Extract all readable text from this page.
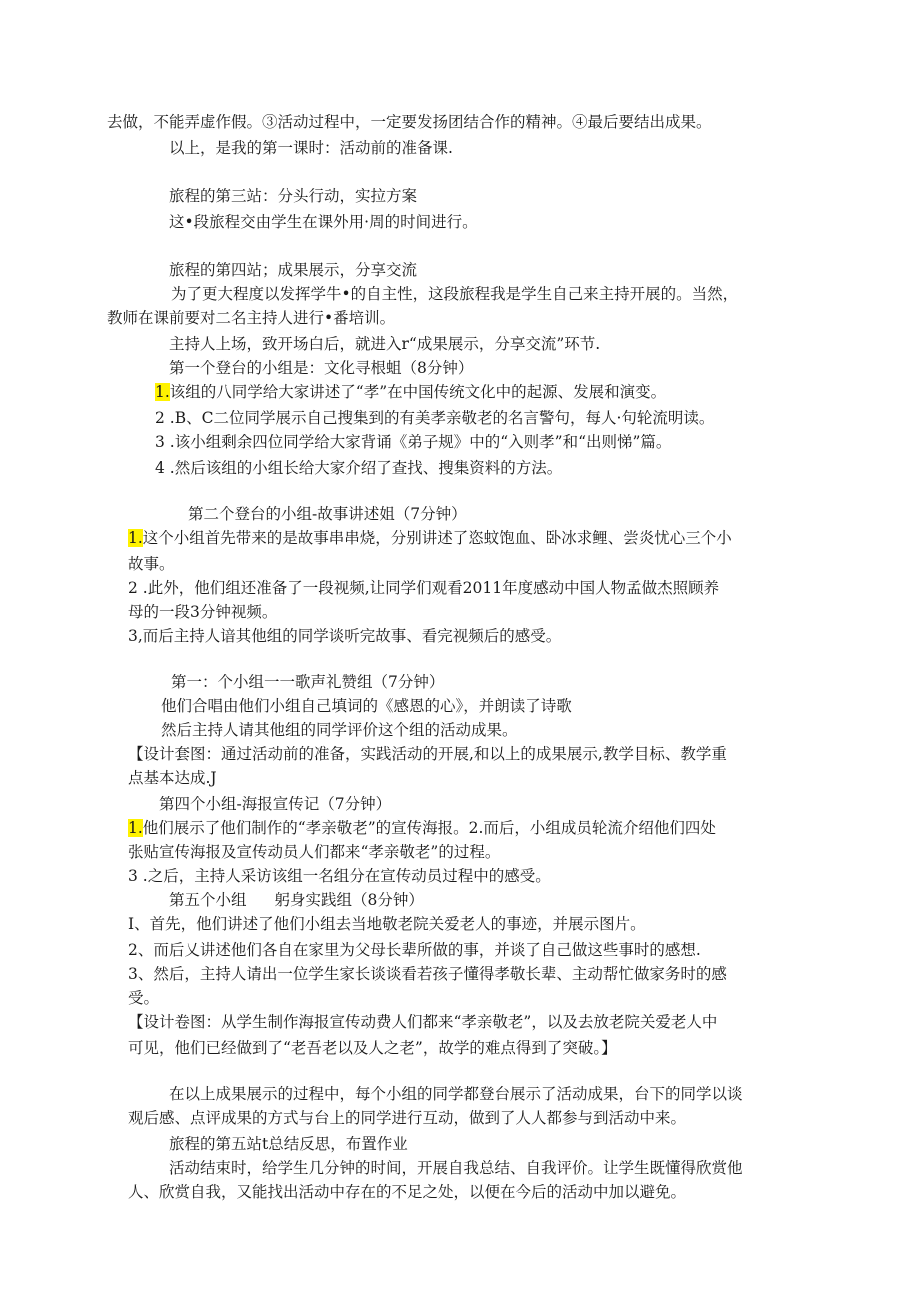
去做，不能弄虚作假。③活动过程中，一定要发扬团结合作的精神。④最后要结出成果。

以上，是我的第一课时：活动前的准备课.

旅程的第三站：分头行动，实拉方案

这•段旅程交由学生在课外用·周的时间进行。

旅程的第四站；成果展示，分享交流

为了更大程度以发挥学牛•的自主性，这段旅程我是学生自己来主持开展的。当然，

教师在课前要对二名主持人进行•番培训。

主持人上场，致开场白后，就进入r“成果展示，分享交流”环节.

第一个登台的小组是：文化寻根蛆（8分钟）

1.该组的八同学给大家讲述了“孝”在中国传统文化中的起源、发展和演变。

2 .B、C二位同学展示自己搜集到的有美孝亲敬老的名言警句，每人·句轮流明读。

3 .该小组剩余四位同学给大家背诵《弟子规》中的“入则孝”和“出则悌”篇。

4 .然后该组的小组长给大家介绍了查找、搜集资料的方法。

第二个登台的小组-故事讲述姐（7分钟）

1.这个小组首先带来的是故事串串烧，分别讲述了恣蚊饱血、卧冰求鲤、尝炎忧心三个小

故事。

2 .此外，他们组还准备了一段视频,让同学们观看2011年度感动中国人物孟做杰照顾养

母的一段3分钟视频。

3,而后主持人谙其他组的同学谈听完故事、看完视频后的感受。

第一：个小组一一歌声礼赞组（7分钟）

他们合唱由他们小组自己填词的《感恩的心》，并朗读了诗歌

然后主持人请其他组的同学评价这个组的活动成果。

【设计套图：通过活动前的准备，实践活动的开展,和以上的成果展示,教学目标、教学重

点基本达成.J

第四个小组-海报宣传记（7分钟）

1.他们展示了他们制作的“孝亲敬老”的宣传海报。2.而后，小组成员轮流介绍他们四处

张贴宣传海报及宣传动员人们都来“孝亲敬老”的过程。

3 .之后，主持人采访该组一名组分在宣传动员过程中的感受。

第五个小组 躬身实践组（8分钟）

I、首先，他们讲述了他们小组去当地敬老院关爱老人的事迹，并展示图片。

2、而后乂讲述他们各自在家里为父母长辈所做的事，并谈了自己做这些事时的感想.

3、然后，主持人请出一位学生家长谈谈看若孩子懂得孝敬长辈、主动帮忙做家务时的感

受。

【设计卷图：从学生制作海报宣传动费人们都来“孝亲敬老”，以及去放老院关爱老人中

可见，他们已经做到了“老吾老以及人之老”，故学的难点得到了突破。】

在以上成果展示的过程中，每个小组的同学都登台展示了活动成果，台下的同学以谈

观后感、点评成果的方式与台上的同学进行互动，做到了人人都参与到活动中来。

旅程的第五站t总结反思，布置作业

活动结束时，给学生几分钟的时间，开展自我总结、自我评价。让学生既懂得欣赏他

人、欣赏自我，又能找出活动中存在的不足之处，以便在今后的活动中加以避免。
